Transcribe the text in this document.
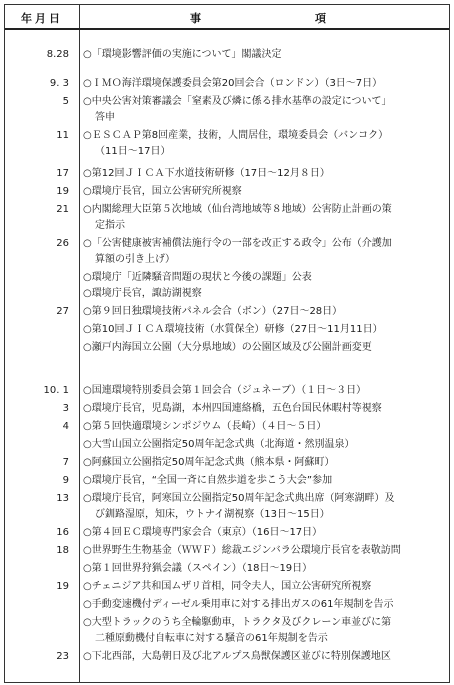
年月日	事	項
8.28 ○「環境影響評価の実施について」閣議決定
9. 3 ○ＩＭＯ海洋環境保護委員会第20回会合（ロンドン）（3日～7日）
5 ○中央公害対策審議会「窒素及び燐に係る排水基準の設定について」
答申
11 ○ＥＳＣＡＰ第8回産業，技術，人間居住，環境委員会（バンコク）
（11日～17日）
17 ○第12回ＪＩＣＡ下水道技術研修（17日～12月８日）
19 ○環境庁長官，国立公害研究所視察
21 ○内閣総理大臣第５次地域（仙台湾地域等８地域）公害防止計画の策
定指示
26 ○「公害健康被害補償法施行令の一部を改正する政令」公布（介護加
算額の引き上げ）
○環境庁「近隣騒音問題の現状と今後の課題」公表
○環境庁長官，諏訪湖視察
27 ○第９回日独環境技術パネル会合（ボン）（27日～28日）
○第10回ＪＩＣＡ環境技術（水質保全）研修（27日～11月11日）
○瀬戸内海国立公園（大分県地域）の公園区域及び公園計画変更
10. 1 ○国連環境特別委員会第１回会合（ジュネーブ）（１日～３日）
3 ○環境庁長官，児島湖，本州四国連絡橋，五色台国民休暇村等視察
4 ○第５回快適環境シンポジウム（長崎）（４日～５日）
○大雪山国立公園指定50周年記念式典（北海道・然別温泉）
7 ○阿蘇国立公園指定50周年記念式典（熊本県・阿蘇町）
9 ○環境庁長官，“全国一斉に自然歩道を歩こう大会”参加
13 ○環境庁長官，阿寒国立公園指定50周年記念式典出席（阿寒湖畔）及
び釧路湿原，知床，ウトナイ湖視察（13日～15日）
16 ○第４回ＥＣ環境専門家会合（東京）（16日～17日）
18 ○世界野生生物基金（ＷＷＦ）総裁エジンバラ公環境庁長官を表敬訪問
○第１回世界狩猟会議（スペイン）（18日～19日）
19 ○チェニジア共和国ムザリ首相，同令夫人，国立公害研究所視察
○手動変速機付ディーゼル乗用車に対する排出ガスの61年規制を告示
○大型トラックのうち全輪駆動車，トラクタ及びクレーン車並びに第
二種原動機付自転車に対する騒音の61年規制を告示
23 ○下北西部，大島朝日及び北アルプス鳥獣保護区並びに特別保護地区
